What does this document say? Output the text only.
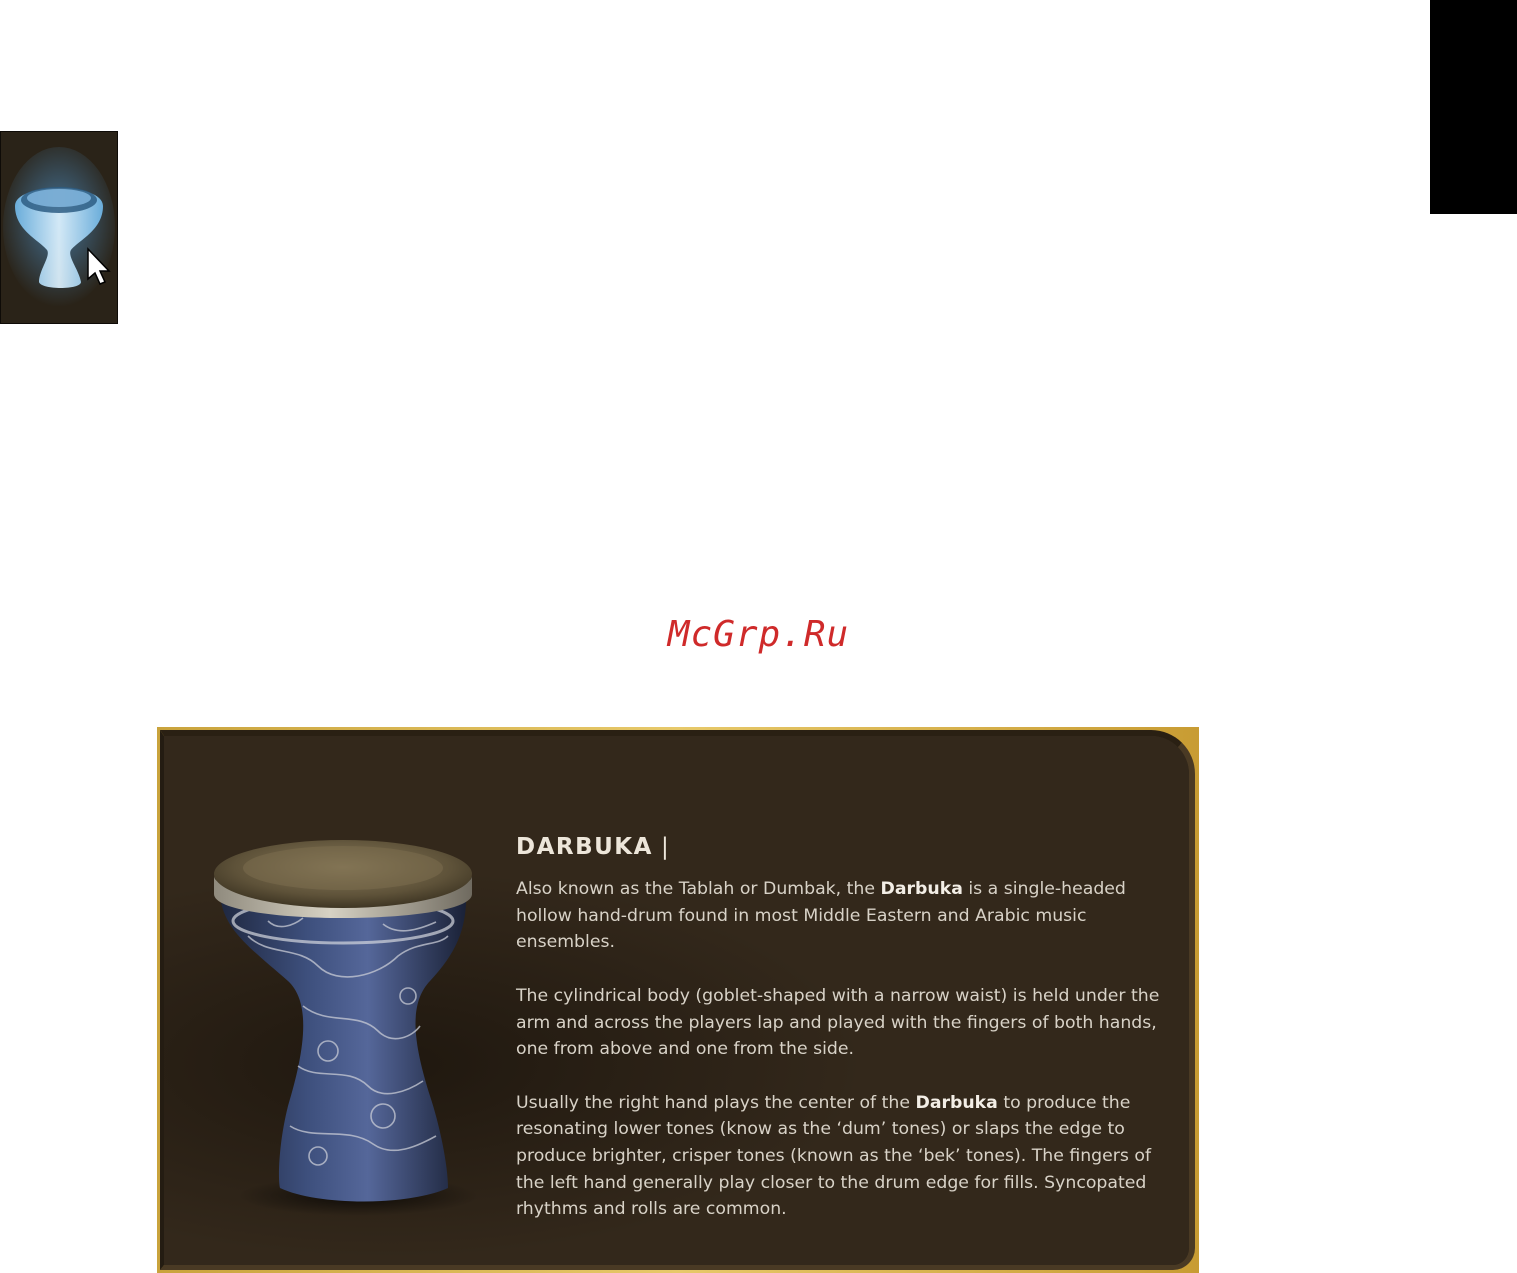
McGrp.Ru
DARBUKA |

Also known as the Tablah or Dumbak, the Darbuka is a single-headed hollow hand-drum found in most Middle Eastern and Arabic music ensembles.

The cylindrical body (goblet-shaped with a narrow waist) is held under the arm and across the players lap and played with the fingers of both hands, one from above and one from the side.

Usually the right hand plays the center of the Darbuka to produce the resonating lower tones (know as the ‘dum’ tones) or slaps the edge to produce brighter, crisper tones (known as the ‘bek’ tones). The fingers of the left hand generally play closer to the drum edge for fills. Syncopated rhythms and rolls are common.
